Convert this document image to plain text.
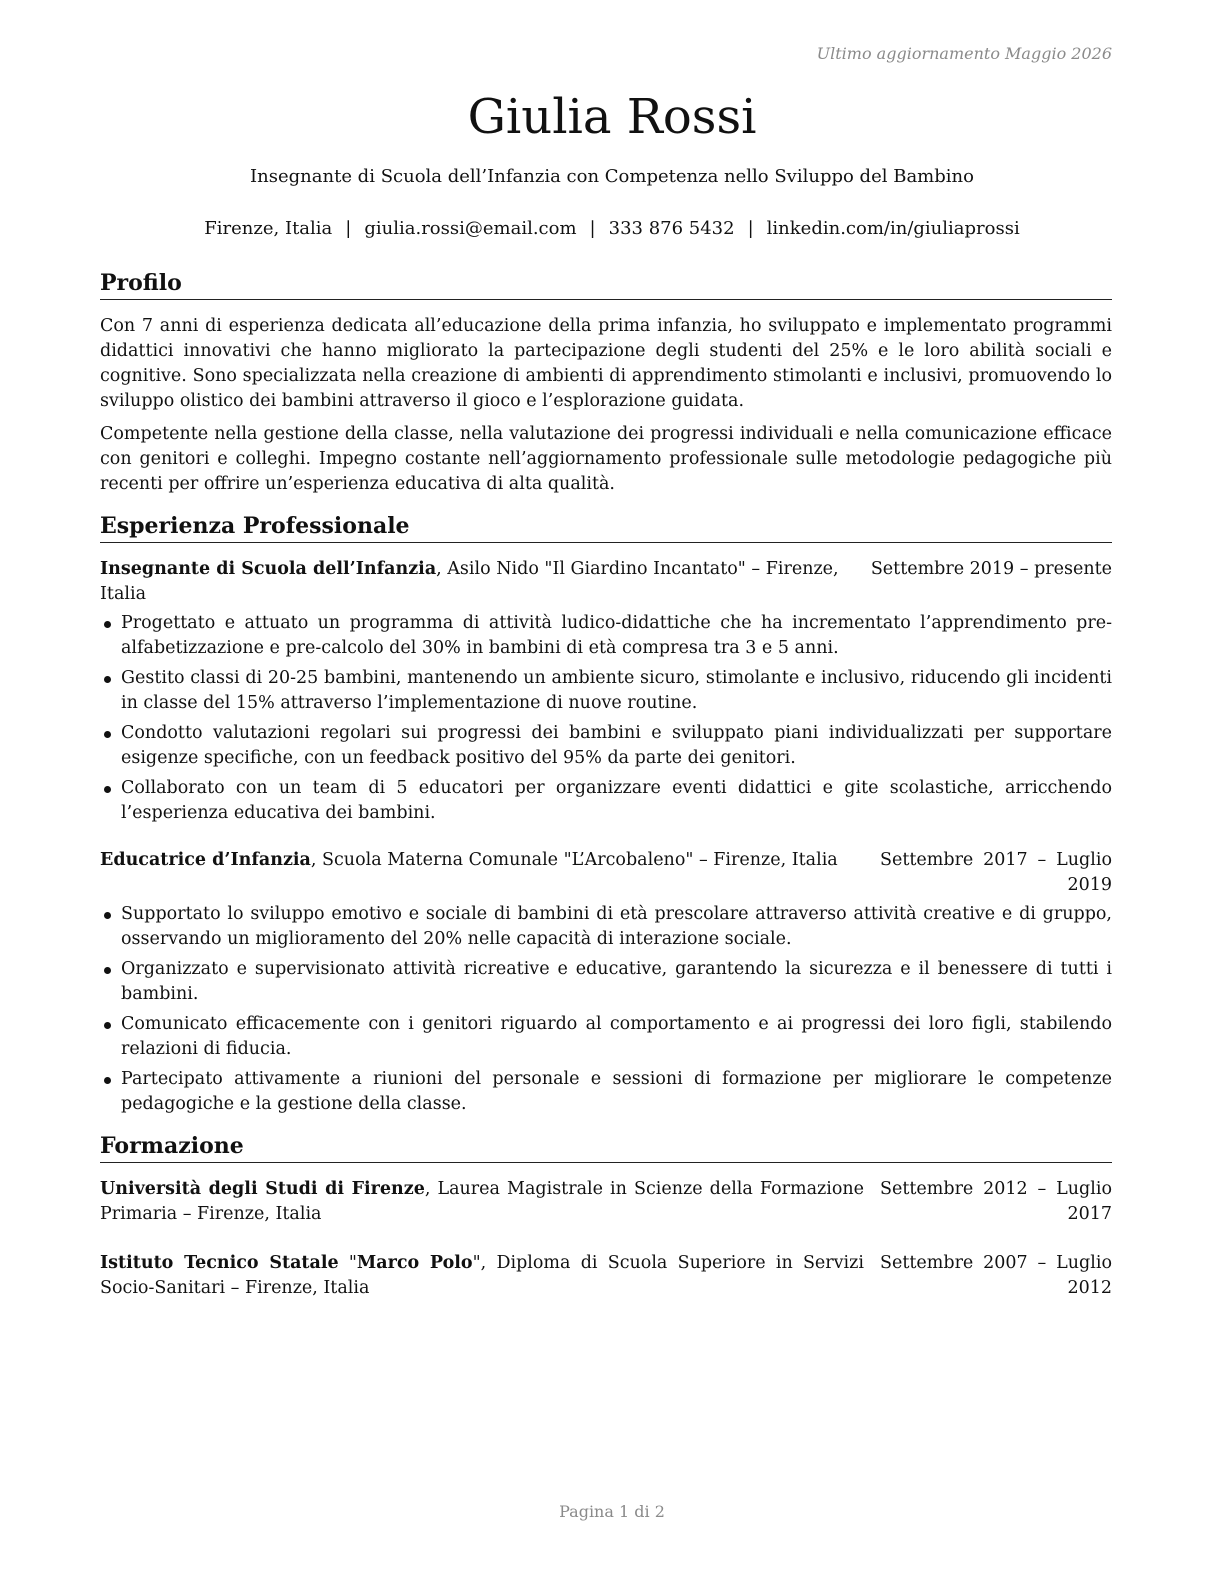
Ultimo aggiornamento Maggio 2026
Giulia Rossi
Insegnante di Scuola dell’Infanzia con Competenza nello Sviluppo del Bambino
Firenze, Italia | giulia.rossi@email.com | 333 876 5432 | linkedin.com/in/giuliaprossi
Profilo

Con 7 anni di esperienza dedicata all’educazione della prima infanzia, ho sviluppato e implementato programmi didattici innovativi che hanno migliorato la partecipazione degli studenti del 25% e le loro abilità sociali e cognitive. Sono specializzata nella creazione di ambienti di apprendimento stimolanti e inclusivi, promuovendo lo sviluppo olistico dei bambini attraverso il gioco e l’esplorazione guidata.

Competente nella gestione della classe, nella valutazione dei progressi individuali e nella comunicazione efficace con genitori e colleghi. Impegno costante nell’aggiornamento professionale sulle metodologie pedagogiche più recenti per offrire un’esperienza educativa di alta qualità.

Esperienza Professionale
Insegnante di Scuola dell’Infanzia, Asilo Nido "Il Giardino Incantato" – Firenze, Italia
Settembre 2019 – presente
Progettato e attuato un programma di attività ludico-didattiche che ha incrementato l’apprendimento pre-alfabetizzazione e pre-calcolo del 30% in bambini di età compresa tra 3 e 5 anni.
Gestito classi di 20-25 bambini, mantenendo un ambiente sicuro, stimolante e inclusivo, riducendo gli incidenti in classe del 15% attraverso l’implementazione di nuove routine.
Condotto valutazioni regolari sui progressi dei bambini e sviluppato piani individualizzati per supportare esigenze specifiche, con un feedback positivo del 95% da parte dei genitori.
Collaborato con un team di 5 educatori per organizzare eventi didattici e gite scolastiche, arricchendo l’esperienza educativa dei bambini.
Educatrice d’Infanzia, Scuola Materna Comunale "L’Arcobaleno" – Firenze, Italia	Settembre 2017 – Luglio 2019
Supportato lo sviluppo emotivo e sociale di bambini di età prescolare attraverso attività creative e di gruppo, osservando un miglioramento del 20% nelle capacità di interazione sociale.
Organizzato e supervisionato attività ricreative e educative, garantendo la sicurezza e il benessere di tutti i bambini.
Comunicato efficacemente con i genitori riguardo al comportamento e ai progressi dei loro figli, stabilendo relazioni di fiducia.
Partecipato attivamente a riunioni del personale e sessioni di formazione per migliorare le competenze pedagogiche e la gestione della classe.
Formazione
Università degli Studi di Firenze, Laurea Magistrale in Scienze della Formazione Primaria – Firenze, Italia
Settembre 2012 – Luglio 2017
Istituto Tecnico Statale "Marco Polo", Diploma di Scuola Superiore in Servizi Socio-Sanitari – Firenze, Italia
Settembre 2007 – Luglio 2012
Pagina 1 di 2
